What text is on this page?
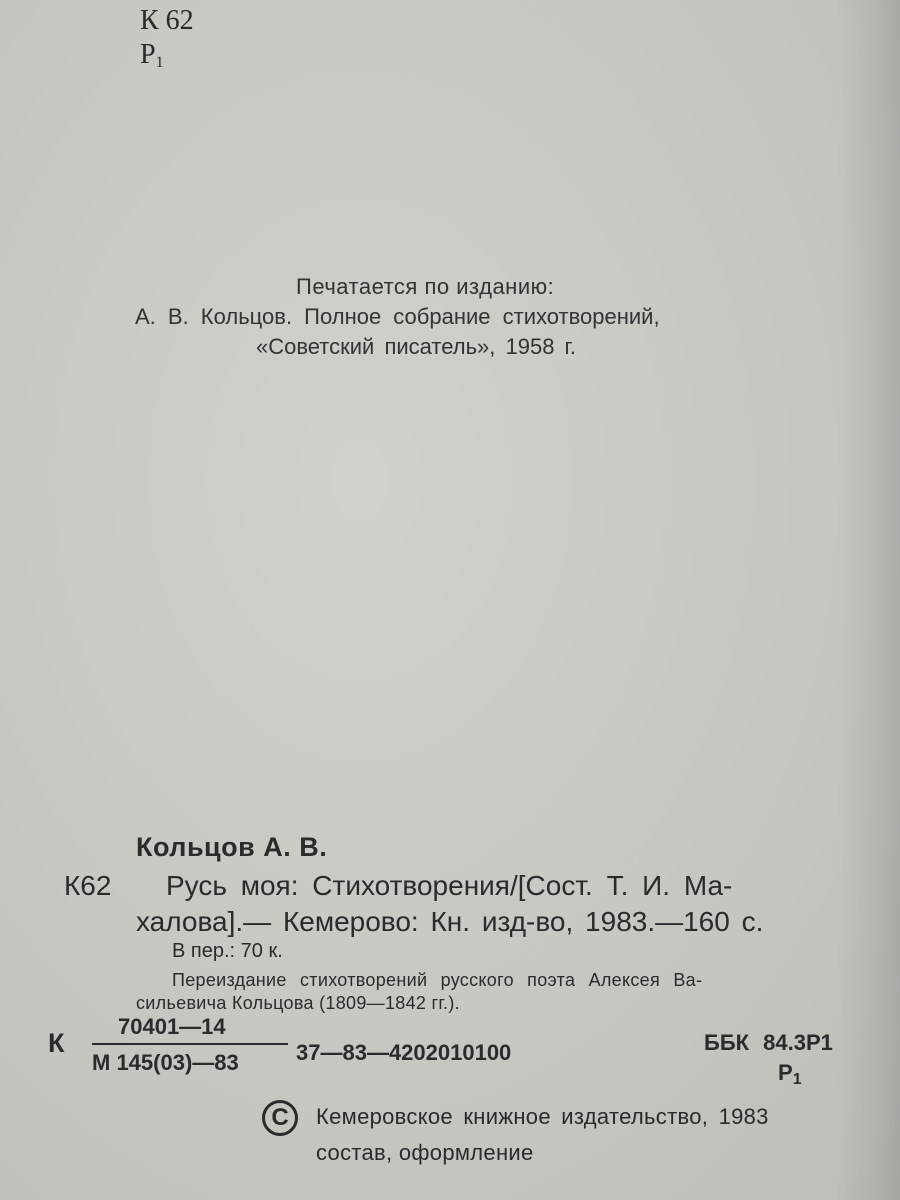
К 62
Р1
Печатается по изданию:
А. В. Кольцов. Полное собрание стихотворений,
«Советский писатель», 1958 г.
Кольцов А. В.
К62 Русь моя: Стихотворения/[Сост. Т. И. Ма-
халова].— Кемерово: Кн. изд-во, 1983.—160 с.
В пер.: 70 к.
Переиздание стихотворений русского поэта Алексея Ва-
сильевича Кольцова (1809—1842 гг.).
К
70401—14
М 145(03)—83	37—83—4202010100	ББК 84.3Р1
Р1
C	Кемеровское книжное издательство, 1983
состав, оформление
